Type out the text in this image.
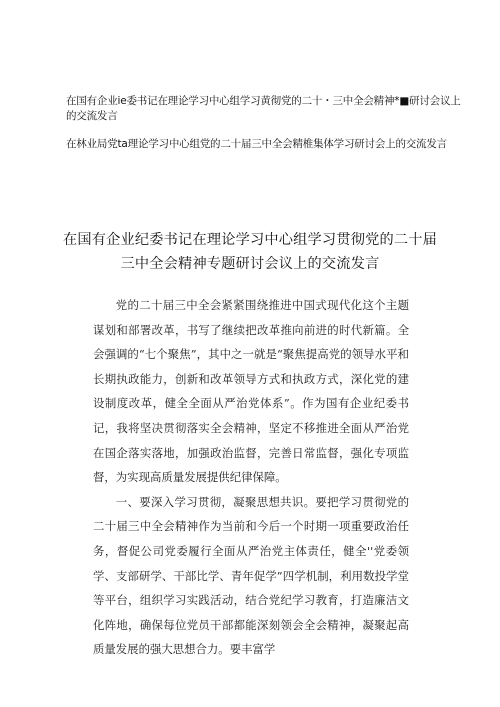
在国有企业ie委书记在理论学习中心组学习黄彻党的二十・三中全会精神*■研讨会议上的交流发言
在林业局党ta理论学习中心组党的二十届三中全会精椎集体学习研讨会上的交流发言
在国有企业纪委书记在理论学习中心组学习贯彻党的二十届三中全会精神专题研讨会议上的交流发言

党的二十届三中全会紧紧围绕推进中国式现代化这个主题谋划和部署改革，书写了继续把改革推向前进的时代新篇。全会强调的“七个聚焦”，其中之一就是“聚焦提高党的领导水平和长期执政能力，创新和改革领导方式和执政方式，深化党的建设制度改革，健全全面从严治党体系”。作为国有企业纪委书记，我将坚决贯彻落实全会精神，坚定不移推进全面从严治党在国企落实落地，加强政治监督，完善日常监督，强化专项监督，为实现高质量发展提供纪律保障。

一、要深入学习贯彻，凝聚思想共识。要把学习贯彻党的二十届三中全会精神作为当前和今后一个时期一项重要政治任务，督促公司党委履行全面从严治党主体责任，健全''党委领学、支部研学、干部比学、青年促学”四学机制，利用数投学堂等平台，组织学习实践活动，结合党纪学习教育，打造廉洁文化阵地，确保每位党员干部都能深刻领会全会精神，凝聚起高质量发展的强大思想合力。要丰富学
